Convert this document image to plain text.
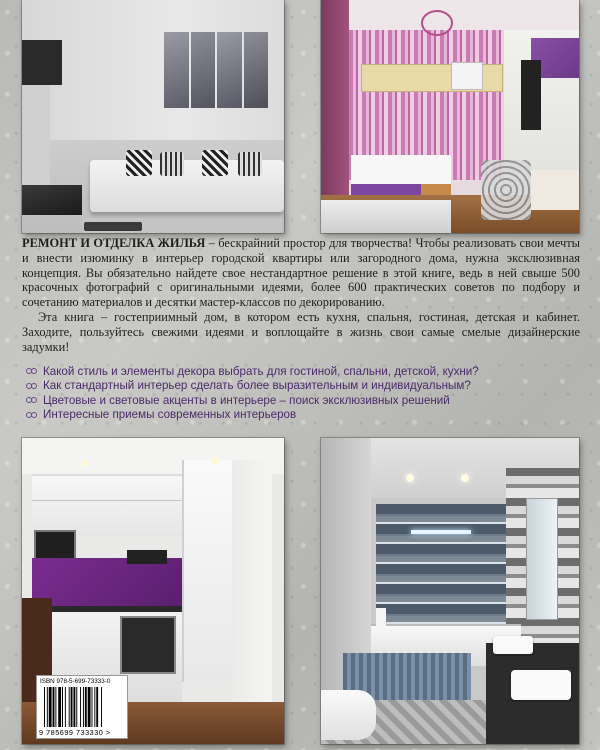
РЕМОНТ И ОТДЕЛКА ЖИЛЬЯ – бескрайний простор для творчества! Чтобы реализовать свои мечты и внести изюминку в интерьер городской квартиры или загородного дома, нужна эксклюзивная концепция. Вы обязательно найдете свое нестандартное решение в этой книге, ведь в ней свыше 500 красочных фотографий с оригинальными идеями, более 600 практических советов по подбору и сочетанию материалов и десятки мастер-классов по декорированию.

Эта книга – гостеприимный дом, в котором есть кухня, спальня, гостиная, детская и кабинет. Заходите, пользуйтесь свежими идеями и воплощайте в жизнь свои самые смелые дизайнерские задумки!

Какой стиль и элементы декора выбрать для гостиной, спальни, детской, кухни?
Как стандартный интерьер сделать более выразительным и индивидуальным?
Цветовые и световые акценты в интерьере – поиск эксклюзивных решений
Интересные приемы современных интерьеров
ISBN 978-5-699-73333-0
9 785699 733330 >
